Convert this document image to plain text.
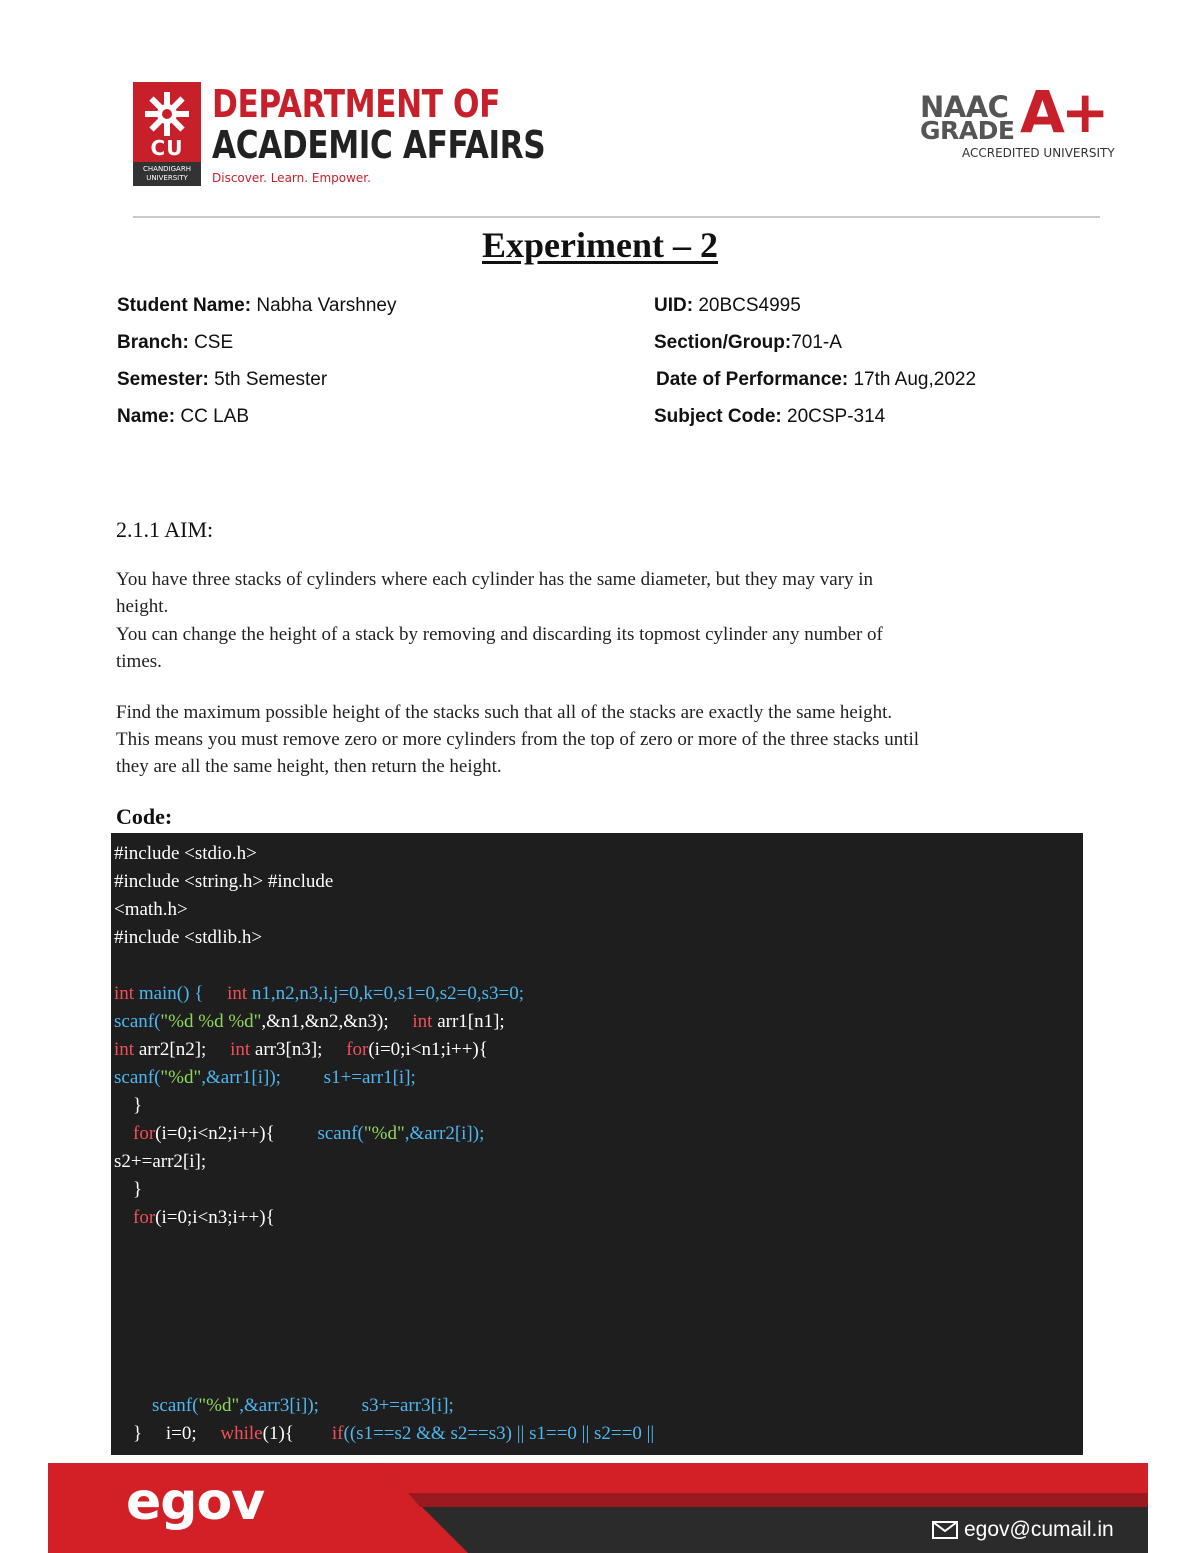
CU
CHANDIGARH UNIVERSITY
DEPARTMENT OF
ACADEMIC AFFAIRS
Discover. Learn. Empower.
NAAC
GRADE A+
ACCREDITED UNIVERSITY
Experiment – 2
Student Name: Nabha Varshney	UID: 20BCS4995
Branch: CSE	Section/Group:701-A
Semester: 5th Semester	Date of Performance: 17th Aug,2022
Name: CC LAB	Subject Code: 20CSP-314
2.1.1 AIM:
You have three stacks of cylinders where each cylinder has the same diameter, but they may vary in
height.
You can change the height of a stack by removing and discarding its topmost cylinder any number of
times.
Find the maximum possible height of the stacks such that all of the stacks are exactly the same height.
This means you must remove zero or more cylinders from the top of zero or more of the three stacks until
they are all the same height, then return the height.
Code:
#include <stdio.h>
#include <string.h> #include
<math.h>
#include <stdlib.h>
int main() {     int n1,n2,n3,i,j=0,k=0,s1=0,s2=0,s3=0;
scanf("%d %d %d",&n1,&n2,&n3);     int arr1[n1];
int arr2[n2];     int arr3[n3];     for(i=0;i<n1;i++){
scanf("%d",&arr1[i]);         s1+=arr1[i];
}
for(i=0;i<n2;i++){         scanf("%d",&arr2[i]);
s2+=arr2[i];
}
for(i=0;i<n3;i++){
scanf("%d",&arr3[i]);         s3+=arr3[i];
}     i=0;     while(1){        if((s1==s2 && s2==s3) || s1==0 || s2==0 ||
egov	egov@cumail.in
